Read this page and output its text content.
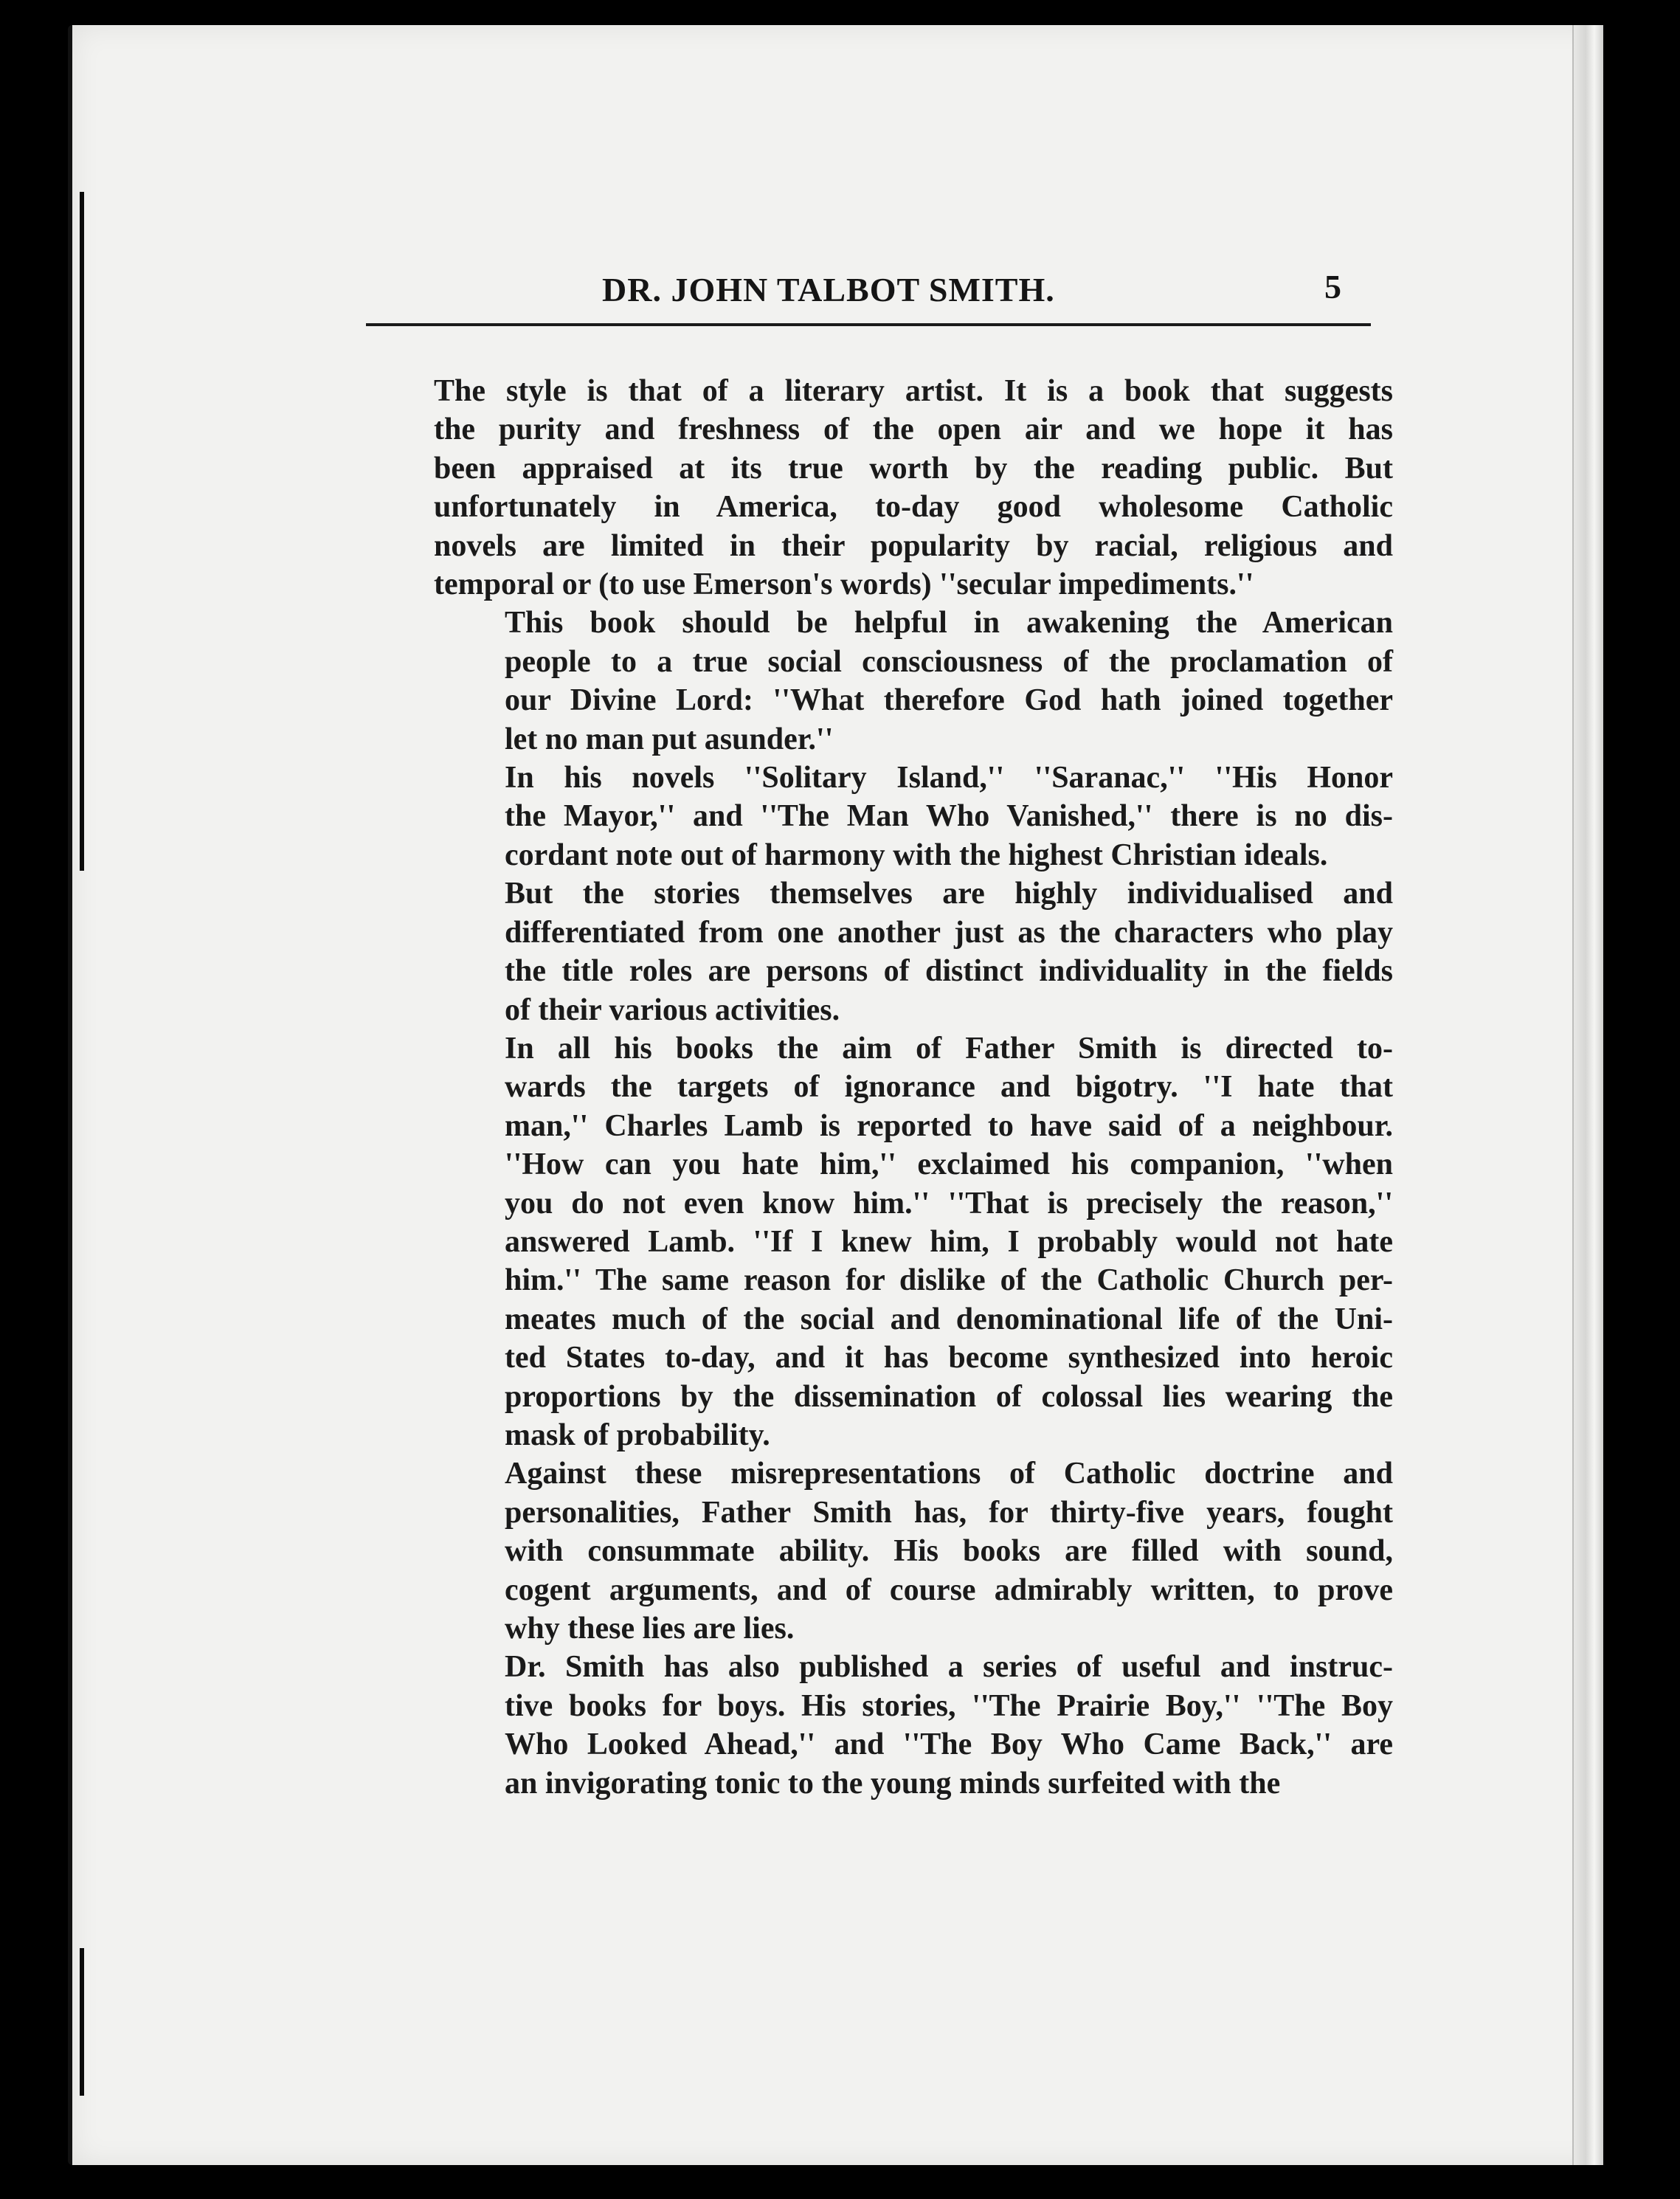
DR. JOHN TALBOT SMITH.	5

The style is that of a literary artist. It is a book that suggests
the purity and freshness of the open air and we hope it has
been appraised at its true worth by the reading public. But
unfortunately in America, to-day good wholesome Catholic
novels are limited in their popularity by racial, religious and
temporal or (to use Emerson's words) ''secular impediments.''

This book should be helpful in awakening the American
people to a true social consciousness of the proclamation of
our Divine Lord: ''What therefore God hath joined together
let no man put asunder.''

In his novels ''Solitary Island,'' ''Saranac,'' ''His Honor
the Mayor,'' and ''The Man Who Vanished,'' there is no dis-
cordant note out of harmony with the highest Christian ideals.

But the stories themselves are highly individualised and
differentiated from one another just as the characters who play
the title roles are persons of distinct individuality in the fields
of their various activities.

In all his books the aim of Father Smith is directed to-
wards the targets of ignorance and bigotry. ''I hate that
man,'' Charles Lamb is reported to have said of a neighbour.
''How can you hate him,'' exclaimed his companion, ''when
you do not even know him.'' ''That is precisely the reason,''
answered Lamb. ''If I knew him, I probably would not hate
him.'' The same reason for dislike of the Catholic Church per-
meates much of the social and denominational life of the Uni-
ted States to-day, and it has become synthesized into heroic
proportions by the dissemination of colossal lies wearing the
mask of probability.

Against these misrepresentations of Catholic doctrine and
personalities, Father Smith has, for thirty-five years, fought
with consummate ability. His books are filled with sound,
cogent arguments, and of course admirably written, to prove
why these lies are lies.

Dr. Smith has also published a series of useful and instruc-
tive books for boys. His stories, ''The Prairie Boy,'' ''The Boy
Who Looked Ahead,'' and ''The Boy Who Came Back,'' are
an invigorating tonic to the young minds surfeited with the
